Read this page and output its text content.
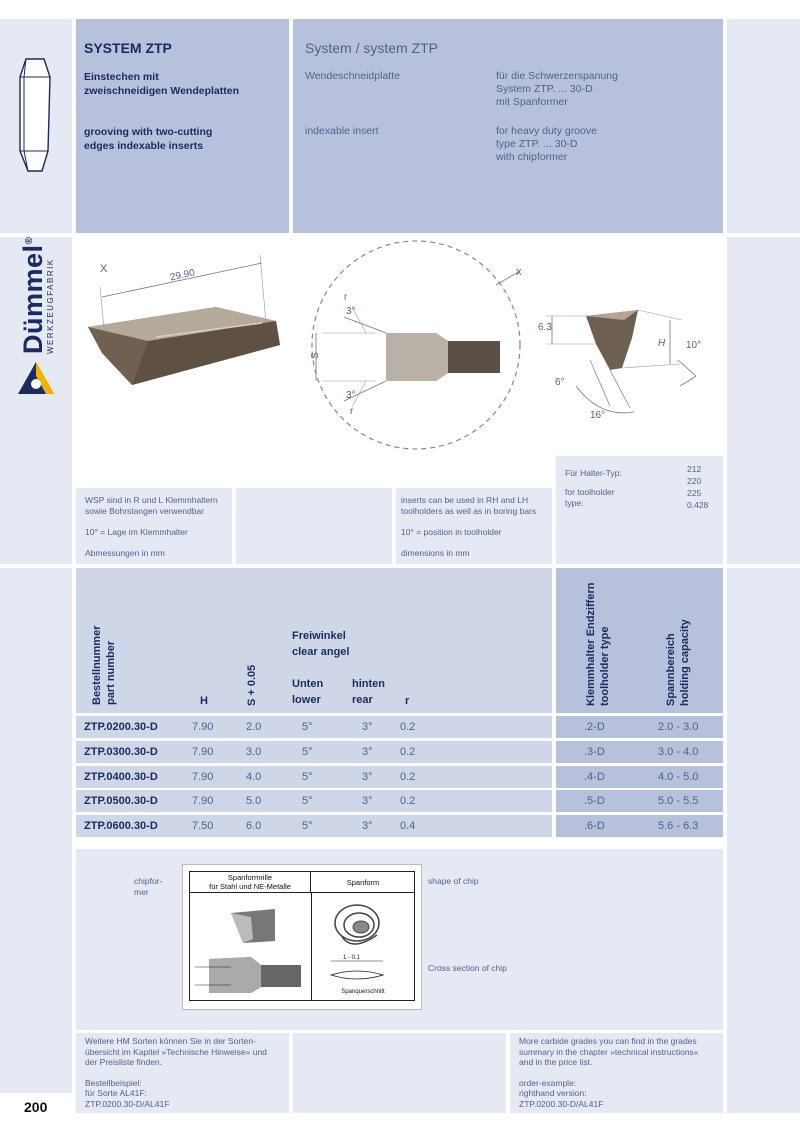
SYSTEM ZTP
Einstechen mit
zweischneidigen Wendeplatten
grooving with two-cutting
edges indexable inserts
System / system ZTP
Wendeschneidplatte
indexable insert
für die Schwerzerspanung
System ZTP. ... 30-D
mit Spanformer
for heavy duty groove
type ZTP. ... 30-D
with chipformer
Dümmel®
WERKZEUGFABRIK	X	29.90	x
r
3°
S
3°
r
6.3
H 10°
6°
16°
Für Halter-Typ:
for toolholder
type:
212
220
225
0.428
WSP sind in R und L Klemmhaltern
sowie Bohrstangen verwendbar
10° = Lage im Klemmhalter
Abmessungen in mm
inserts can be used in RH and LH
toolholders as well as in boring bars
10° = position in toolholder
dimensions in mm
Bestellnummer part number	H	S + 0.05
Freiwinkel
clear angel
Unten
lower
hinten
rear	r	Klemmhalter Endziffern toolholder type	Spannbereich holding capacity
ZTP.0200.30-D	7.90	2.0	5°	3° 0.2	.2-D	2.0 - 3.0
ZTP.0300.30-D	7.90	3.0	5°	3° 0.2	.3-D	3.0 - 4.0
ZTP.0400.30-D	7.90	4.0	5°	3° 0.2	.4-D	4.0 - 5.0
ZTP.0500.30-D	7.90	5.0	5°	3° 0.2	.5-D	5.0 - 5.5
ZTP.0600.30-D	7.50	6.0	5°	3° 0.4	.6-D	5.6 - 6.3
chipfor-
mer
Spanformrille
für Stahl und NE-Metalle	Spanform
1 - 0.1
Spanquerschnitt
shape of chip
Cross section of chip
Weitere HM Sorten können Sie in der Sorten-
übersicht im Kapitel »Technische Hinweise« und
der Preisliste finden.
Bestellbeispiel:
für Sorte AL41F:
ZTP.0200.30-D/AL41F
More carbide grades you can find in the grades
summary in the chapter »technical instructions«
and in the price list.
order-example:
righthand version:
ZTP.0200.30-D/AL41F
200
